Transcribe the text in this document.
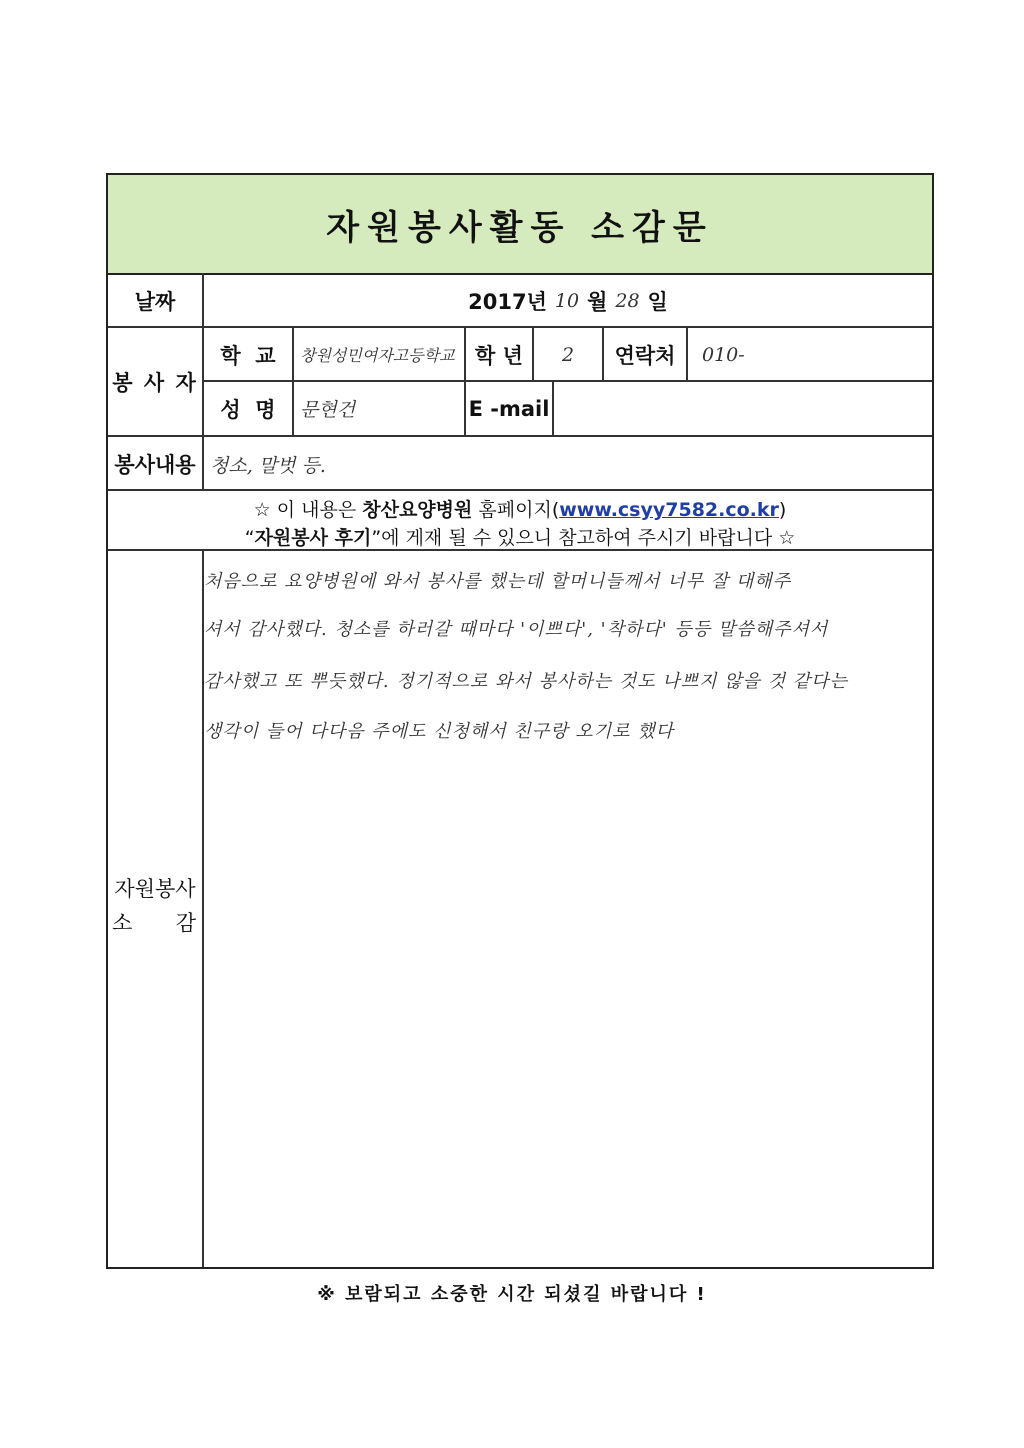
자원봉사활동 소감문
날짜	2017년 10 월 28 일
봉 사 자
학  교	창원성민여자고등학교 학 년	2	연락처	010-
성  명	문현건	E -mail
봉사내용 청소, 말벗 등.
☆ 이 내용은 창산요양병원 홈페이지(www.csyy7582.co.kr)
“자원봉사 후기”에 게재 될 수 있으니 참고하여 주시기 바랍니다 ☆
자원봉사
소 감
처음으로 요양병원에 와서 봉사를 했는데 할머니들께서 너무 잘 대해주
셔서 감사했다. 청소를 하러갈 때마다 '이쁘다', '착하다' 등등 말씀해주셔서
감사했고 또 뿌듯했다. 정기적으로 와서 봉사하는 것도 나쁘지 않을 것 같다는
생각이 들어 다다음 주에도 신청해서 친구랑 오기로 했다
※ 보람되고 소중한 시간 되셨길 바랍니다 !
